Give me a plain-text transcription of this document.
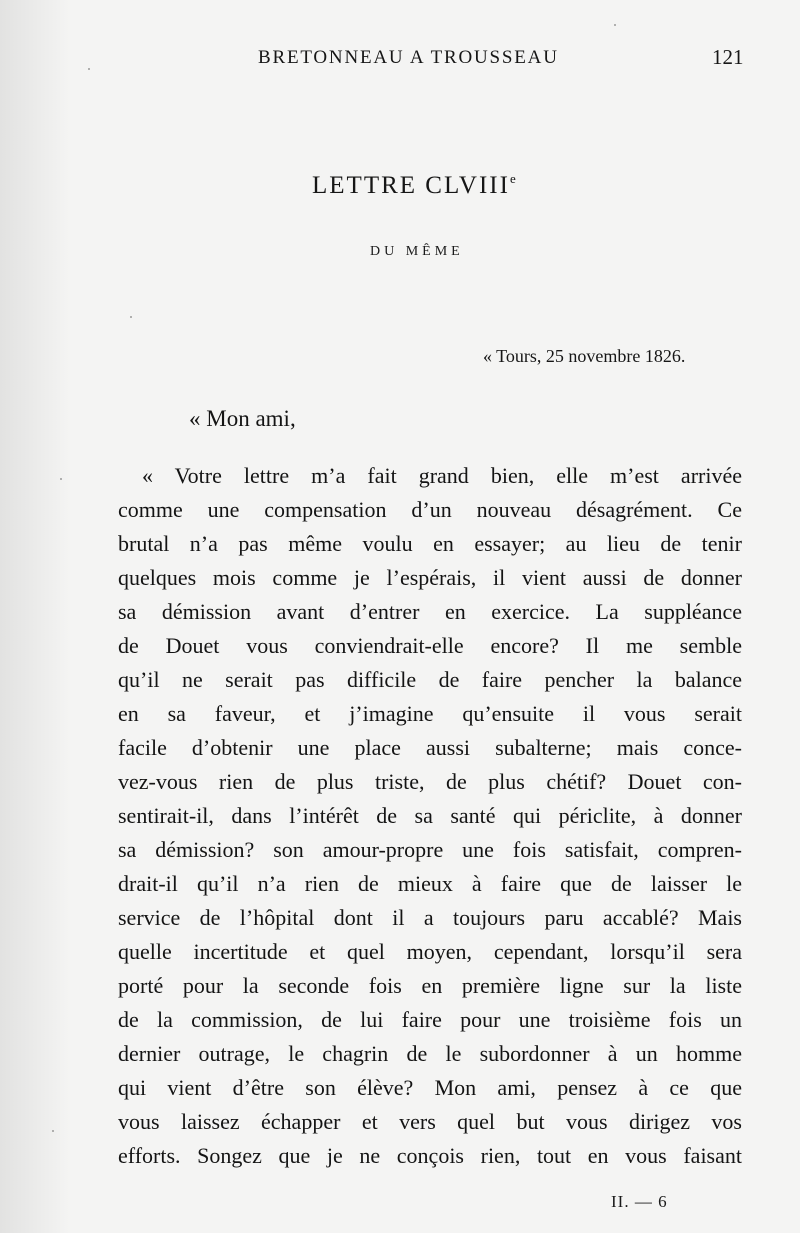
BRETONNEAU A TROUSSEAU	121
LETTRE CLVIIIe
DU MÊME
« Tours, 25 novembre 1826.
« Mon ami,
« Votre lettre m’a fait grand bien, elle m’est arrivée
comme une compensation d’un nouveau désagrément. Ce
brutal n’a pas même voulu en essayer; au lieu de tenir
quelques mois comme je l’espérais, il vient aussi de donner
sa démission avant d’entrer en exercice. La suppléance
de Douet vous conviendrait-elle encore? Il me semble
qu’il ne serait pas difficile de faire pencher la balance
en sa faveur, et j’imagine qu’ensuite il vous serait
facile d’obtenir une place aussi subalterne; mais conce-
vez-vous rien de plus triste, de plus chétif? Douet con-
sentirait-il, dans l’intérêt de sa santé qui périclite, à donner
sa démission? son amour-propre une fois satisfait, compren-
drait-il qu’il n’a rien de mieux à faire que de laisser le
service de l’hôpital dont il a toujours paru accablé? Mais
quelle incertitude et quel moyen, cependant, lorsqu’il sera
porté pour la seconde fois en première ligne sur la liste
de la commission, de lui faire pour une troisième fois un
dernier outrage, le chagrin de le subordonner à un homme
qui vient d’être son élève? Mon ami, pensez à ce que
vous laissez échapper et vers quel but vous dirigez vos
efforts. Songez que je ne conçois rien, tout en vous faisant
II. — 6
